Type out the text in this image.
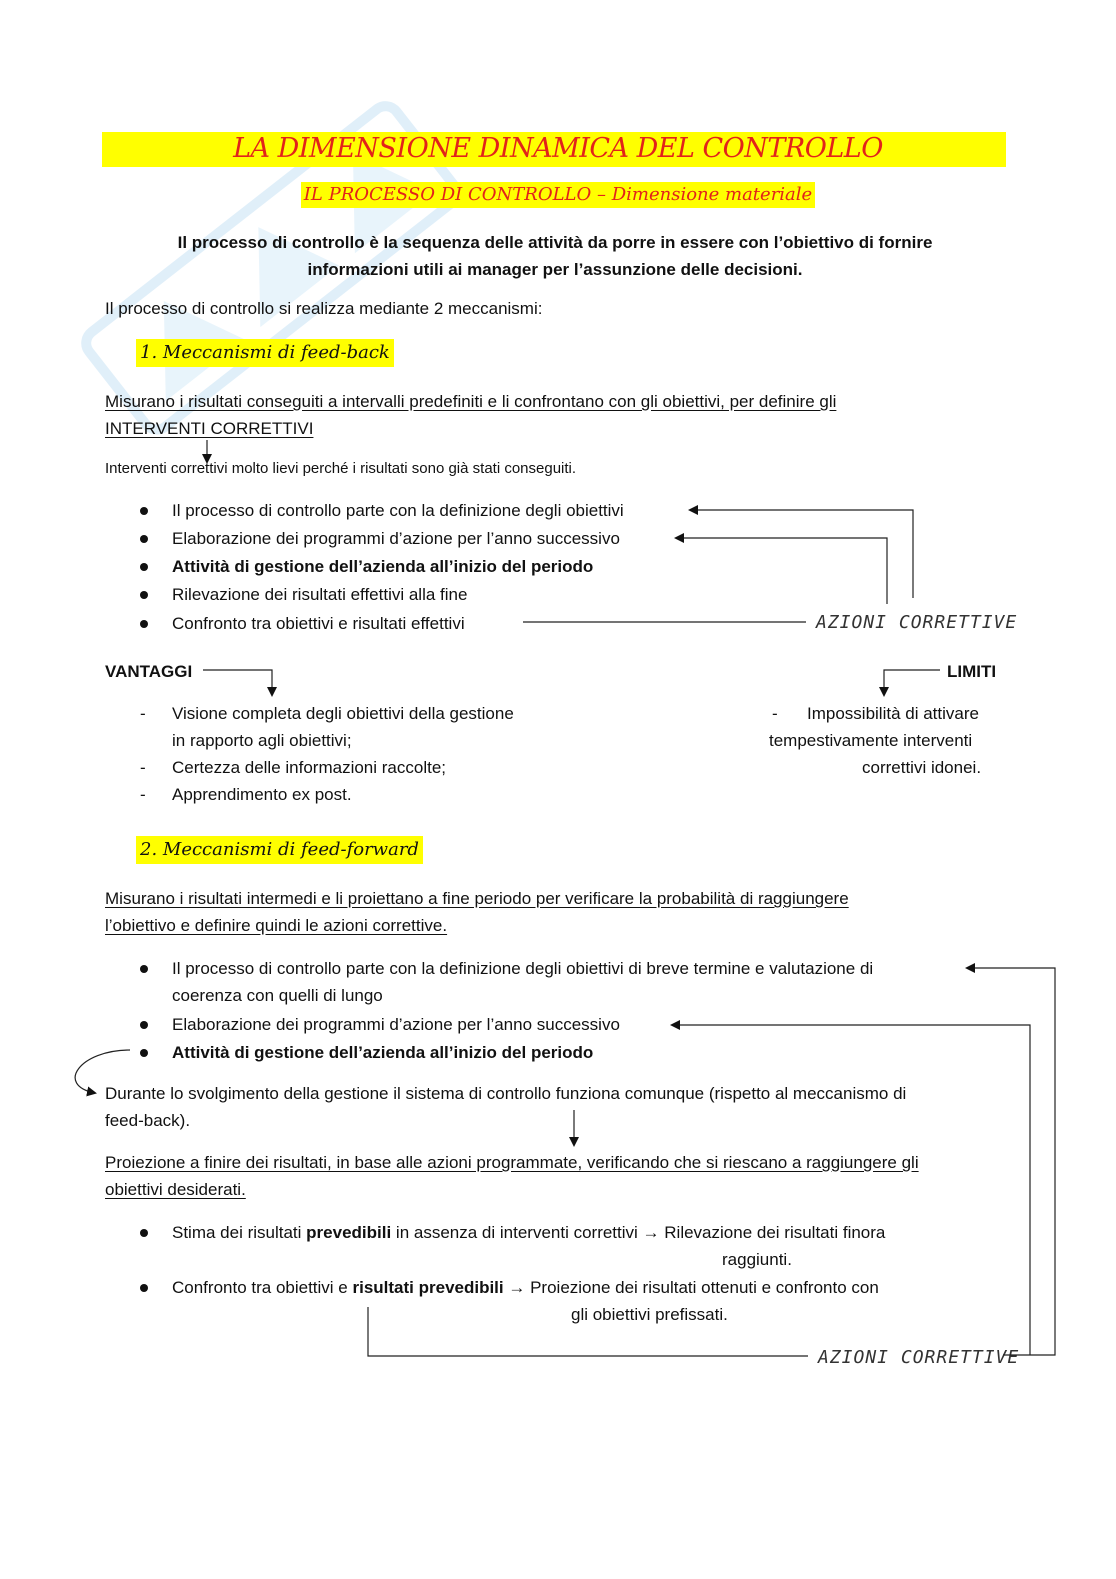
LA DIMENSIONE DINAMICA DEL CONTROLLO
IL PROCESSO DI CONTROLLO – Dimensione materiale
Il processo di controllo è la sequenza delle attività da porre in essere con l’obiettivo di fornire informazioni utili ai manager per l’assunzione delle decisioni.
Il processo di controllo si realizza mediante 2 meccanismi:
1. Meccanismi di feed-back
Misurano i risultati conseguiti a intervalli predefiniti e li confrontano con gli obiettivi, per definire gli
INTERVENTI CORRETTIVI
Interventi correttivi molto lievi perché i risultati sono già stati conseguiti.
Il processo di controllo parte con la definizione degli obiettivi
Elaborazione dei programmi d’azione per l’anno successivo
Attività di gestione dell’azienda all’inizio del periodo
Rilevazione dei risultati effettivi alla fine
Confronto tra obiettivi e risultati effettivi	AZIONI CORRETTIVE
VANTAGGI	LIMITI
- Visione completa degli obiettivi della gestione
in rapporto agli obiettivi;
- Certezza delle informazioni raccolte;
- Apprendimento ex post.
- Impossibilità di attivare
tempestivamente interventi
correttivi idonei.
2. Meccanismi di feed-forward
Misurano i risultati intermedi e li proiettano a fine periodo per verificare la probabilità di raggiungere
l’obiettivo e definire quindi le azioni correttive.
Il processo di controllo parte con la definizione degli obiettivi di breve termine e valutazione di
coerenza con quelli di lungo
Elaborazione dei programmi d’azione per l’anno successivo
Attività di gestione dell’azienda all’inizio del periodo
Durante lo svolgimento della gestione il sistema di controllo funziona comunque (rispetto al meccanismo di
feed-back).
Proiezione a finire dei risultati, in base alle azioni programmate, verificando che si riescano a raggiungere gli
obiettivi desiderati.
Stima dei risultati prevedibili in assenza di interventi correttivi → Rilevazione dei risultati finora
raggiunti.
Confronto tra obiettivi e risultati prevedibili → Proiezione dei risultati ottenuti e confronto con
gli obiettivi prefissati.
AZIONI CORRETTIVE
